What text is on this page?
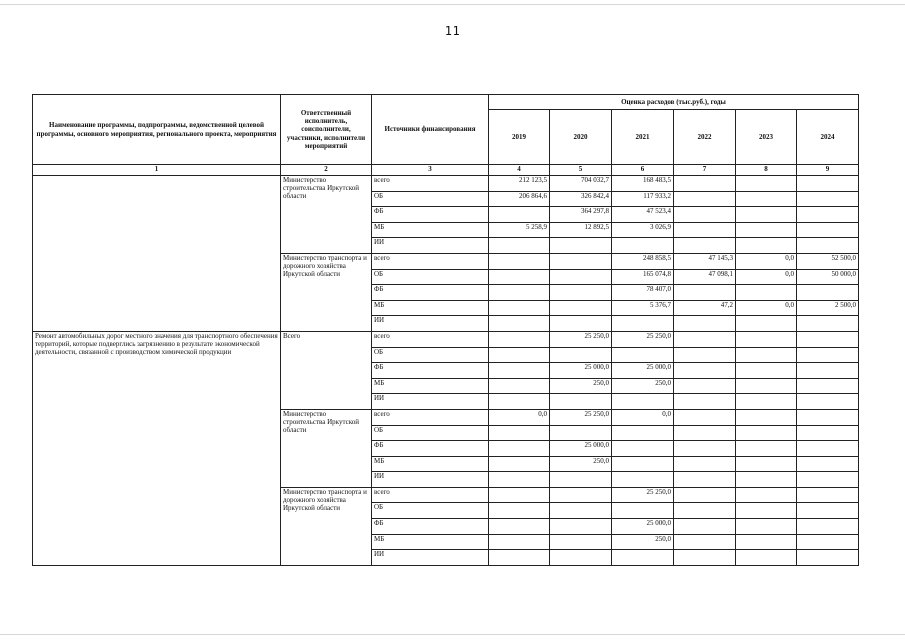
11
Наименование программы, подпрограммы, ведомственной целевой программы, основного мероприятия, регионального проекта, мероприятия	Ответственный исполнитель, соисполнители, участники, исполнители мероприятий	Источники финансирования	Оценка расходов (тыс.руб.), годы					
			2019	2020	2021	2022	2023	2024
1	2	3	4	5	6	7	8	9
	Министерство строительства Иркутской области	всего	212 123,5	704 032,7	168 483,5			
		ОБ	206 864,6	326 842,4	117 933,2			
		ФБ		364 297,8	47 523,4			
		МБ	5 258,9	12 892,5	3 026,9			
		ИИ						
	Министерство транспорта и дорожного хозяйства Иркутской области	всего			248 858,5	47 145,3	0,0	52 500,0
		ОБ			165 074,8	47 098,1	0,0	50 000,0
		ФБ			78 407,0			
		МБ			5 376,7	47,2	0,0	2 500,0
		ИИ						
Ремонт автомобильных дорог местного значения для транспортного обеспечения территорий, которые подверглись загрязнению в результате экономической деятельности, связанной с производством химической продукции	Всего	всего		25 250,0	25 250,0			
		ОБ						
		ФБ		25 000,0	25 000,0			
		МБ		250,0	250,0			
		ИИ						
	Министерство строительства Иркутской области	всего	0,0	25 250,0	0,0			
		ОБ						
		ФБ		25 000,0				
		МБ		250,0				
		ИИ						
	Министерство транспорта и дорожного хозяйства Иркутской области	всего			25 250,0			
		ОБ						
		ФБ			25 000,0			
		МБ			250,0			
		ИИ						
